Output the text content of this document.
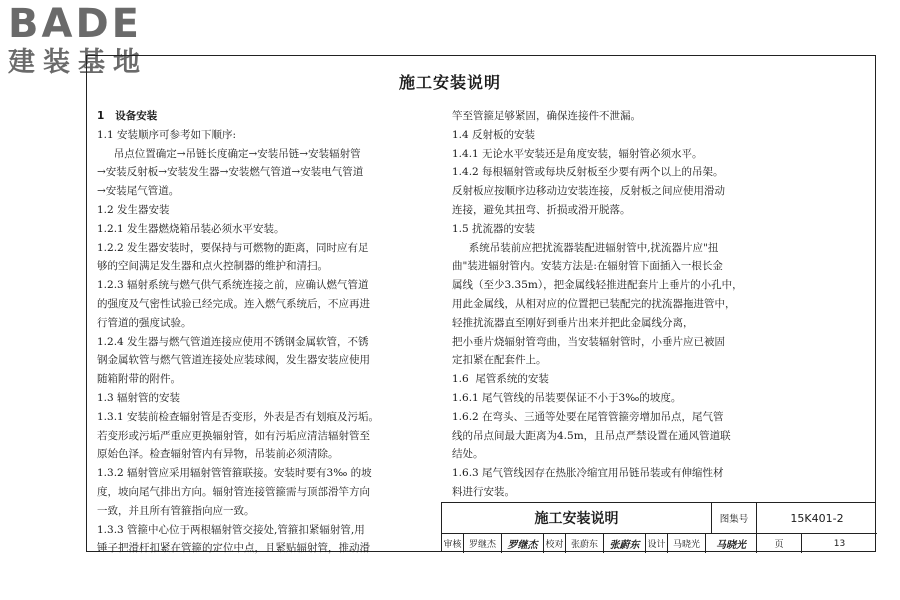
BADE
建装基地
施工安装说明

1   设备安装

1.1 安装顺序可参考如下顺序:

吊点位置确定→吊链长度确定→安装吊链→安装辐射管

→安装反射板→安装发生器→安装燃气管道→安装电气管道

→安装尾气管道。

1.2 发生器安装

1.2.1 发生器燃烧箱吊装必须水平安装。

1.2.2 发生器安装时，要保持与可燃物的距离，同时应有足

够的空间满足发生器和点火控制器的维护和清扫。

1.2.3 辐射系统与燃气供气系统连接之前，应确认燃气管道

的强度及气密性试验已经完成。连入燃气系统后，不应再进

行管道的强度试验。

1.2.4 发生器与燃气管道连接应使用不锈钢金属软管，不锈

钢金属软管与燃气管道连接处应装球阀，发生器安装应使用

随箱附带的附件。

1.3 辐射管的安装

1.3.1 安装前检查辐射管是否变形，外表是否有划痕及污垢。

若变形或污垢严重应更换辐射管，如有污垢应清洁辐射管至

原始色泽。检查辐射管内有异物，吊装前必须清除。

1.3.2 辐射管应采用辐射管管箍联接。安装时要有3‰ 的坡

度，坡向尾气排出方向。辐射管连接管箍需与顶部滑竿方向

一致，并且所有管箍指向应一致。

1.3.3 管箍中心位于两根辐射管交接处,管箍扣紧辐射管,用

锤子把滑杆扣紧在管箍的定位中点，且紧贴辐射管，推动滑

竿至管箍足够紧固，确保连接件不泄漏。

1.4 反射板的安装

1.4.1 无论水平安装还是角度安装，辐射管必须水平。

1.4.2 每根辐射管或每块反射板至少要有两个以上的吊架。

反射板应按顺序边移动边安装连接，反射板之间应使用滑动

连接，避免其扭弯、折损或滑开脱落。

1.5 扰流器的安装

系统吊装前应把扰流器装配进辐射管中,扰流器片应"扭

曲"装进辐射管内。安装方法是:在辐射管下面插入一根长金

属线（至少3.35m），把金属线轻推进配套片上垂片的小孔中，

用此金属线，从相对应的位置把已装配完的扰流器拖进管中，

轻推扰流器直至刚好到垂片出来并把此金属线分离，

把小垂片烧辐射管弯曲，当安装辐射管时，小垂片应已被固

定扣紧在配套件上。

1.6  尾管系统的安装

1.6.1 尾气管线的吊装要保证不小于3‰的坡度。

1.6.2 在弯头、三通等处要在尾管管箍旁增加吊点，尾气管

线的吊点间最大距离为4.5m，且吊点严禁设置在通风管道联

结处。

1.6.3 尾气管线因存在热胀冷缩宜用吊链吊装或有伸缩性材

料进行安装。

施工安装说明	图集号	15K401-2
审核 罗继杰	罗继杰 校对 张蔚东	张蔚东 设计 马晓光	马晓光	页	13
